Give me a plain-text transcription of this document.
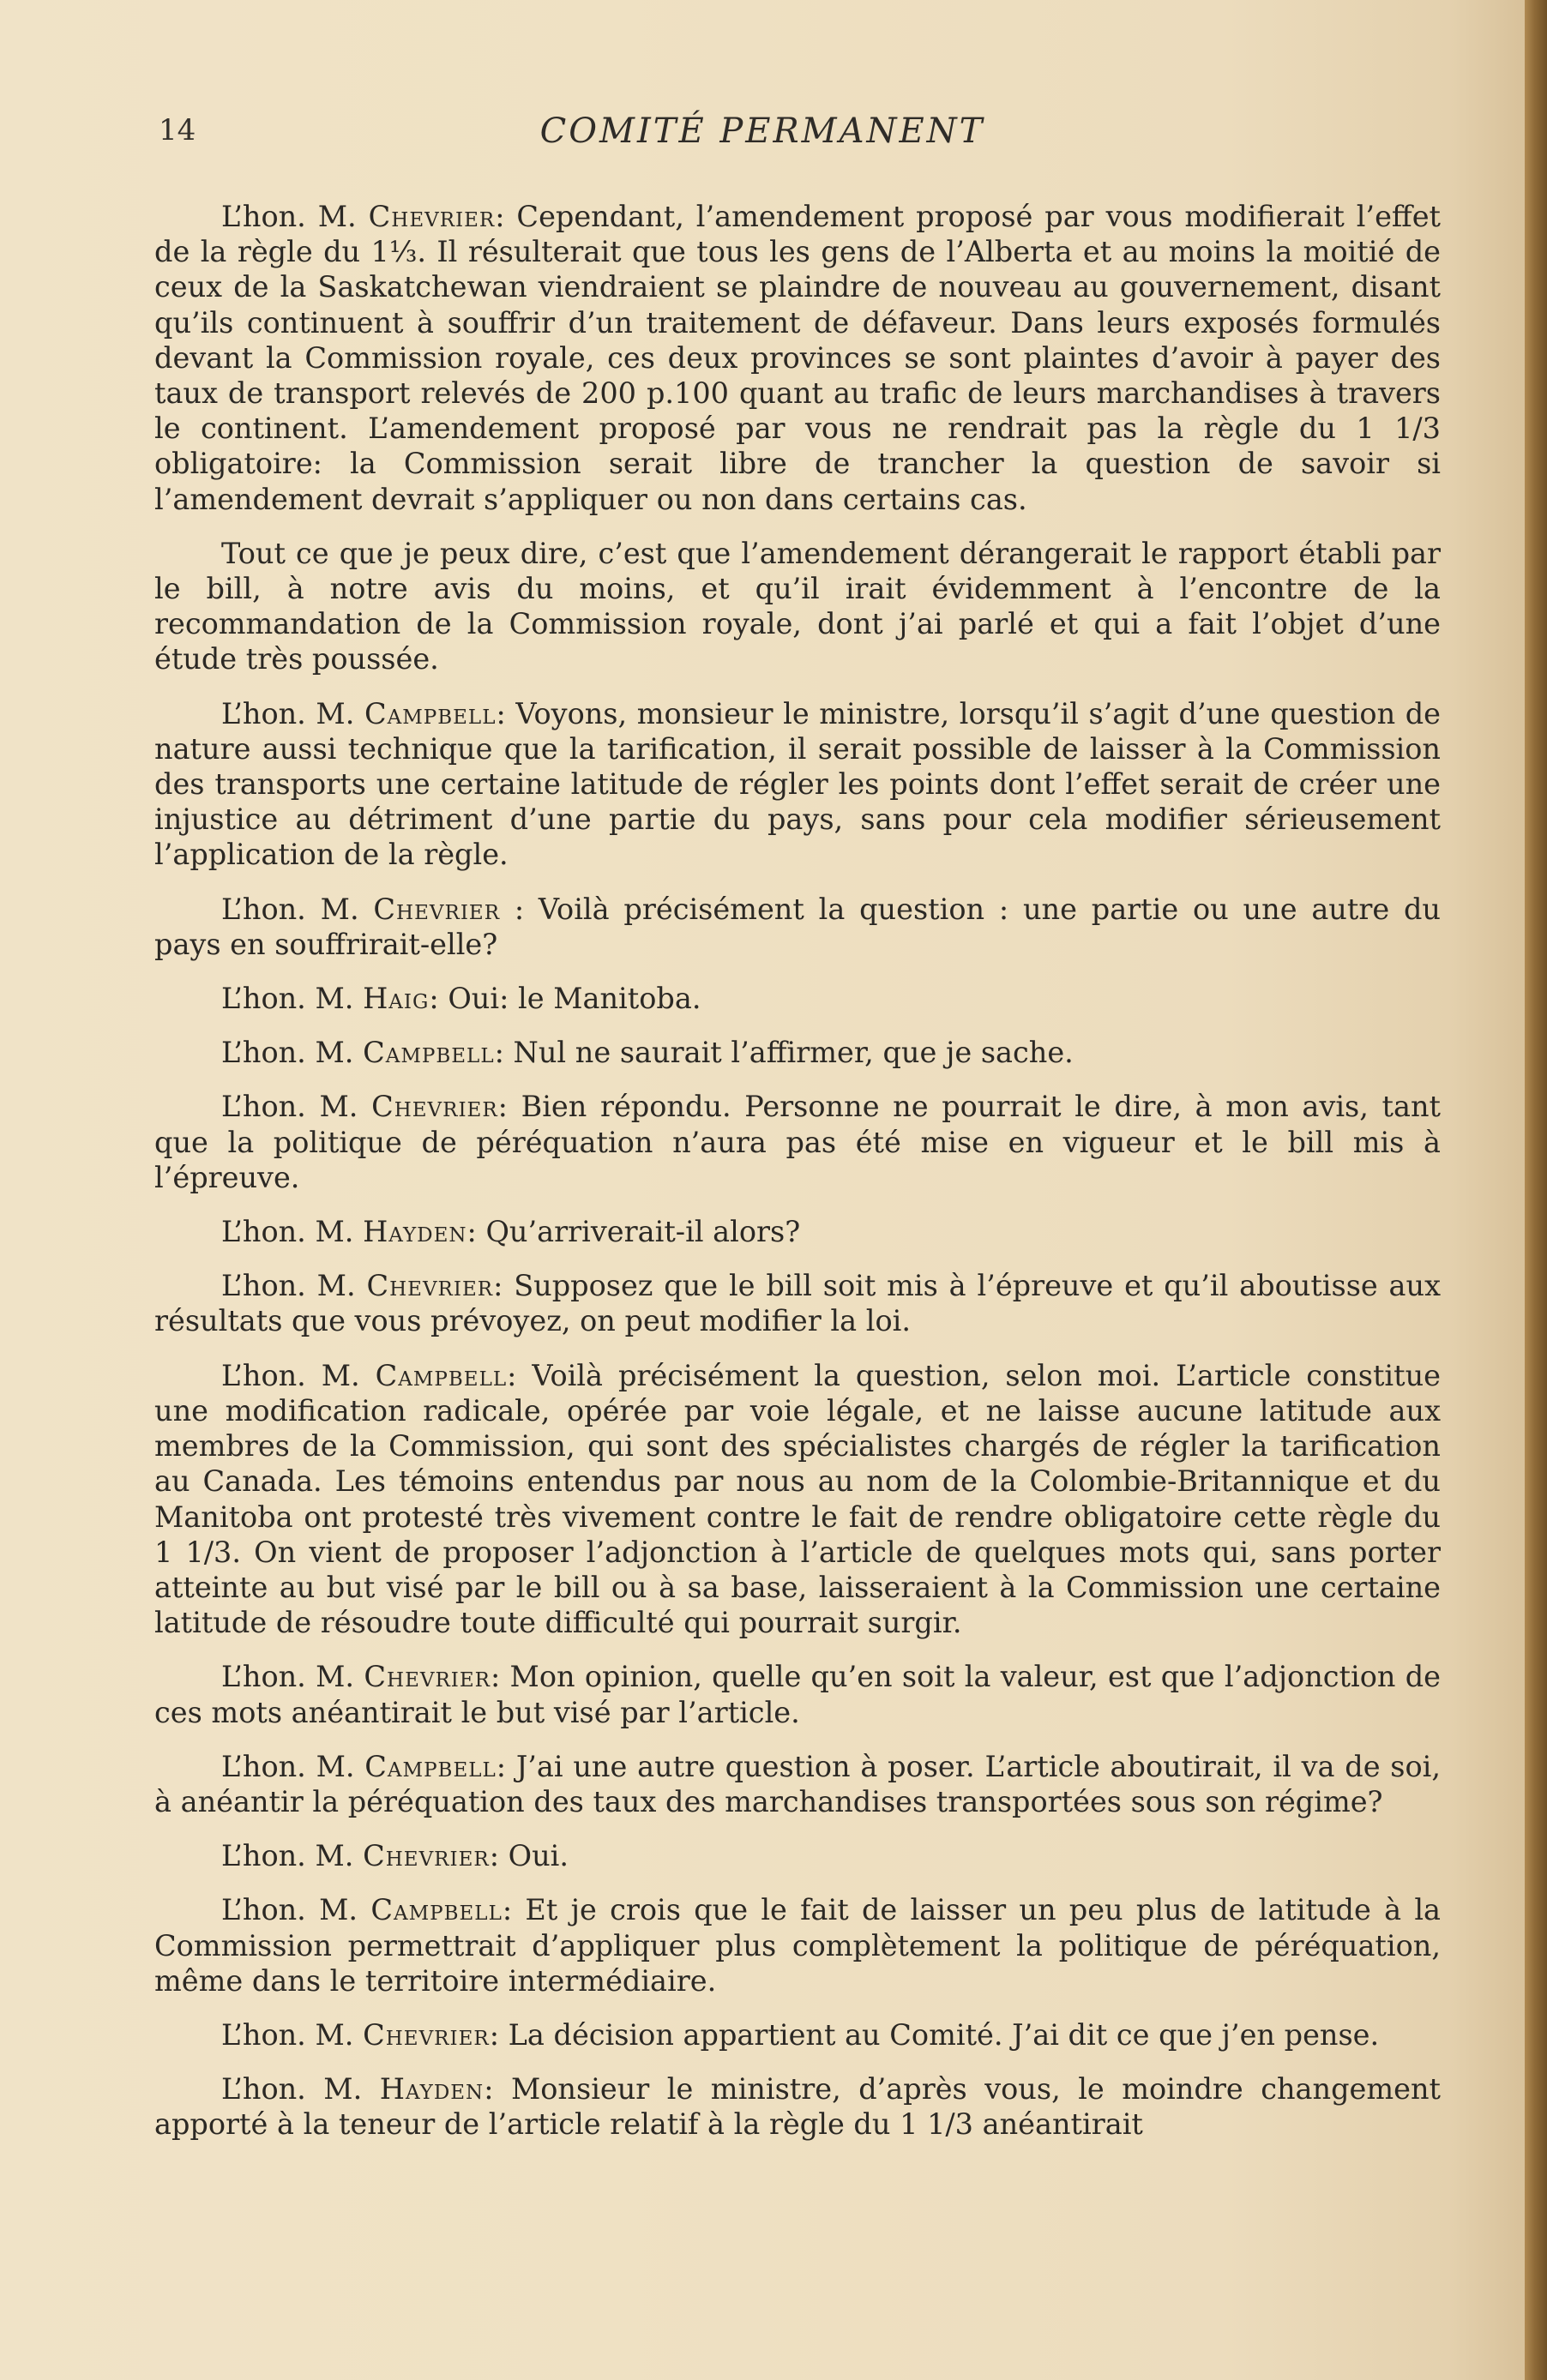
14	COMITÉ PERMANENT

L’hon. M. Chevrier: Cependant, l’amendement proposé par vous modifierait l’effet de la règle du 1⅓. Il résulterait que tous les gens de l’Alberta et au moins la moitié de ceux de la Saskatchewan viendraient se plaindre de nouveau au gouvernement, disant qu’ils continuent à souffrir d’un traitement de défaveur. Dans leurs exposés formulés devant la Commission royale, ces deux provinces se sont plaintes d’avoir à payer des taux de transport relevés de 200 p.100 quant au trafic de leurs marchandises à travers le continent. L’amendement proposé par vous ne rendrait pas la règle du 1 1/3 obligatoire: la Commission serait libre de trancher la question de savoir si l’amendement devrait s’appliquer ou non dans certains cas.

Tout ce que je peux dire, c’est que l’amendement dérangerait le rapport établi par le bill, à notre avis du moins, et qu’il irait évidemment à l’encontre de la recommandation de la Commission royale, dont j’ai parlé et qui a fait l’objet d’une étude très poussée.

L’hon. M. Campbell: Voyons, monsieur le ministre, lorsqu’il s’agit d’une question de nature aussi technique que la tarification, il serait possible de laisser à la Commission des transports une certaine latitude de régler les points dont l’effet serait de créer une injustice au détriment d’une partie du pays, sans pour cela modifier sérieusement l’application de la règle.

L’hon. M. Chevrier : Voilà précisément la question : une partie ou une autre du pays en souffrirait-elle?

L’hon. M. Haig: Oui: le Manitoba.

L’hon. M. Campbell: Nul ne saurait l’affirmer, que je sache.

L’hon. M. Chevrier: Bien répondu. Personne ne pourrait le dire, à mon avis, tant que la politique de péréquation n’aura pas été mise en vigueur et le bill mis à l’épreuve.

L’hon. M. Hayden: Qu’arriverait-il alors?

L’hon. M. Chevrier: Supposez que le bill soit mis à l’épreuve et qu’il aboutisse aux résultats que vous prévoyez, on peut modifier la loi.

L’hon. M. Campbell: Voilà précisément la question, selon moi. L’article constitue une modification radicale, opérée par voie légale, et ne laisse aucune latitude aux membres de la Commission, qui sont des spécialistes chargés de régler la tarification au Canada. Les témoins entendus par nous au nom de la Colombie-Britannique et du Manitoba ont protesté très vivement contre le fait de rendre obligatoire cette règle du 1 1/3. On vient de proposer l’adjonction à l’article de quelques mots qui, sans porter atteinte au but visé par le bill ou à sa base, laisseraient à la Commission une certaine latitude de résoudre toute difficulté qui pourrait surgir.

L’hon. M. Chevrier: Mon opinion, quelle qu’en soit la valeur, est que l’adjonction de ces mots anéantirait le but visé par l’article.

L’hon. M. Campbell: J’ai une autre question à poser. L’article aboutirait, il va de soi, à anéantir la péréquation des taux des marchandises transportées sous son régime?

L’hon. M. Chevrier: Oui.

L’hon. M. Campbell: Et je crois que le fait de laisser un peu plus de latitude à la Commission permettrait d’appliquer plus complètement la politique de péréquation, même dans le territoire intermédiaire.

L’hon. M. Chevrier: La décision appartient au Comité. J’ai dit ce que j’en pense.

L’hon. M. Hayden: Monsieur le ministre, d’après vous, le moindre changement apporté à la teneur de l’article relatif à la règle du 1 1/3 anéantirait
